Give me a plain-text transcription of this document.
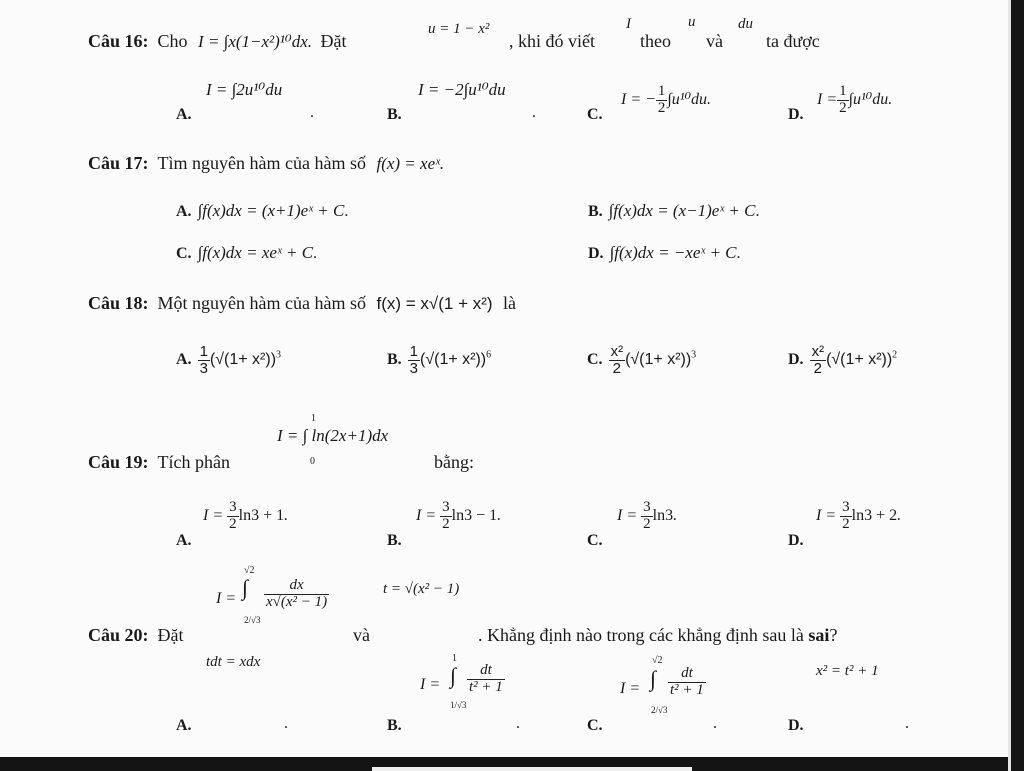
Câu 16: Cho I = ∫x(1−x²)¹⁰dx. Đặt
u = 1 − x²
, khi đó viết
I
theo
u
và
du
ta được
A.
I = ∫2u¹⁰du
.	B.
I = −2∫u¹⁰du
.	C.
I = − $\frac{1}{2} \int u^{10}du$.
D.
$I = \frac{1}{2} \int u^{10}du$.
Câu 17: Tìm nguyên hàm của hàm số f(x) = xeˣ.
A. ∫f(x)dx = (x+1)eˣ + C.	B. ∫f(x)dx = (x−1)eˣ + C.
C. ∫f(x)dx = xeˣ + C.	D. ∫f(x)dx = −xeˣ + C.
Câu 18: Một nguyên hàm của hàm số f(x) = x√(1 + x²) là
A. $\frac{1}{3} (√(1+ x^2))^3$	B. $\frac{1}{3} (√(1+ x^2))^6$	C. $\frac{\text{x²}}{2} (√(1+ x^2))^3$	D. $\frac{\text{x²}}{2} (√(1+ x^2))^2$
Câu 19: Tích phân
1
I = ∫ ln(2x+1)dx
0	bằng:
A.
$I = \frac{3}{2} \ln 3 + 1$.
B.
$I = \frac{3}{2} \ln 3 - 1$.
C.
$I = \frac{3}{2} \ln 3$.
D.
$I = \frac{3}{2} \ln 3 + 2$.
Câu 20: Đặt
I =
√2
∫
2/√3
$\frac{dx}{\text{x√(x² − 1)}}$	t = √(x² − 1)
và	. Khẳng định nào trong các khẳng định sau là sai?
tdt = xdx
A.	.	B.
I =
1
∫
1/√3
$\frac{dt}{\text{t² + 1}}$
.	C.
I =
√2
∫
2/√3
$\frac{dt}{\text{t² + 1}}$
.	D.
x² = t² + 1
.
